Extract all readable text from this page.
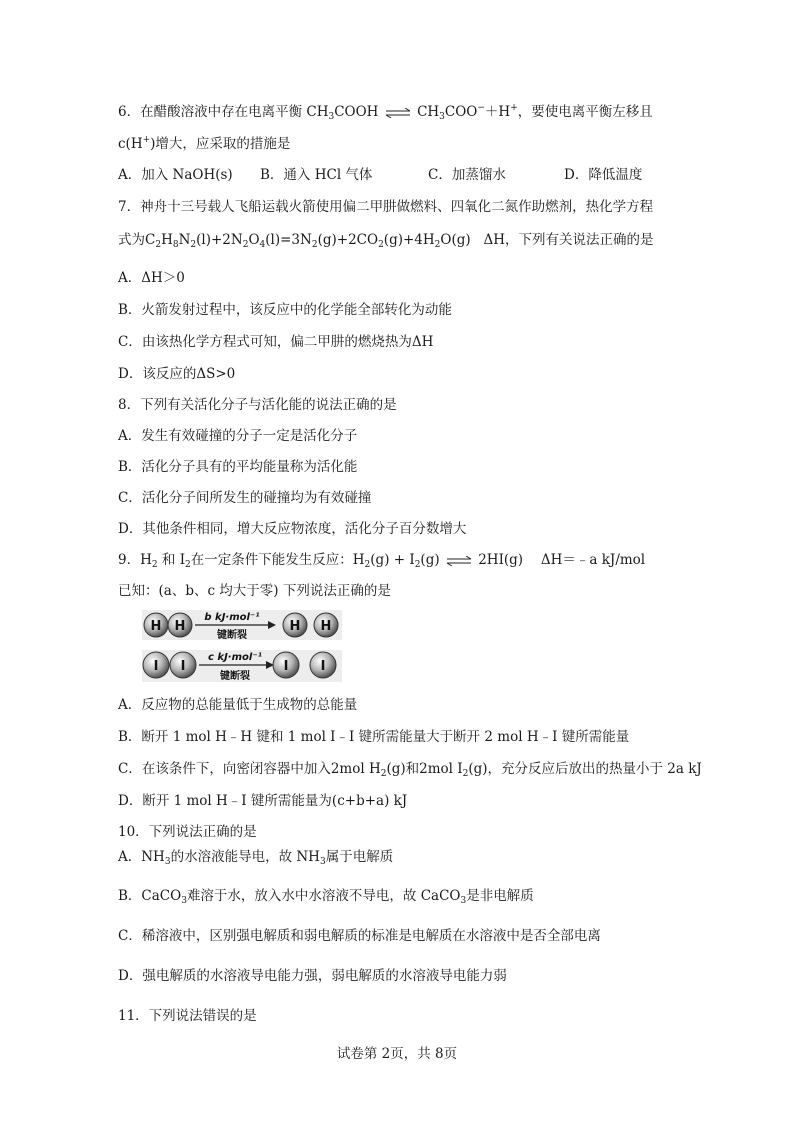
6．在醋酸溶液中存在电离平衡 $CH_3COOH$ ⇌ $CH_3COO^-+H^+$，要使电离平衡左移且
c(H+)增大，应采取的措施是
A．加入 NaOH(s) B．通入 HCl 气体	C．加蒸馏水	D．降低温度
7．神舟十三号载人飞船运载火箭使用偏二甲肼做燃料、四氧化二氮作助燃剂，热化学方程
式为$C_2H_8N_2(l)+2N_2O_4(l)=3N_2(g)+2CO_2(g)+4H_2O(g)$   ΔH，下列有关说法正确的是
A．ΔH＞0
B．火箭发射过程中，该反应中的化学能全部转化为动能
C．由该热化学方程式可知，偏二甲肼的燃烧热为ΔH
D．该反应的ΔS>0
8．下列有关活化分子与活化能的说法正确的是
A．发生有效碰撞的分子一定是活化分子
B．活化分子具有的平均能量称为活化能
C．活化分子间所发生的碰撞均为有效碰撞
D．其他条件相同，增大反应物浓度，活化分子百分数增大
9．$H_2$ 和 $I_2$在一定条件下能发生反应：$H_2(g) + I_2(g)$ ⇌ 2HI(g)　 ΔH＝﹣a kJ/mol
已知：(a、b、c 均大于零) 下列说法正确的是
H H
b kJ·mol⁻¹
键断裂
H H
I I
c kJ·mol⁻¹
键断裂
I I
A．反应物的总能量低于生成物的总能量
B．断开 1 mol H﹣H 键和 1 mol I﹣I 键所需能量大于断开 2 mol H﹣I 键所需能量
C．在该条件下，向密闭容器中加入2mol $H_2(g)$和2mol $I_2(g)$，充分反应后放出的热量小于 2a kJ
D．断开 1 mol H﹣I 键所需能量为(c+b+a) kJ
10．下列说法正确的是
A．$NH_3$的水溶液能导电，故 $NH_3$属于电解质
B．CaCO$_3$难溶于水，放入水中水溶液不导电，故 CaCO$_3$是非电解质
C．稀溶液中，区别强电解质和弱电解质的标准是电解质在水溶液中是否全部电离
D．强电解质的水溶液导电能力强，弱电解质的水溶液导电能力弱
11．下列说法错误的是
试卷第 2页，共 8页
